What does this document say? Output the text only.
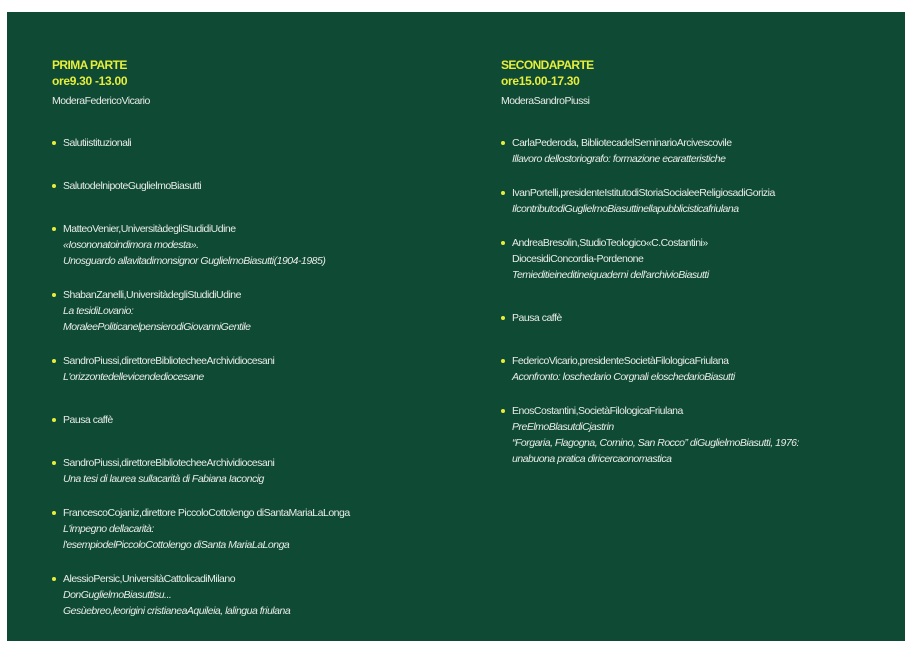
PRIMA PARTE
ore9.30 -13.00
ModeraFedericoVicario
Salutiistituzionali
SalutodelnipoteGuglielmoBiasutti
MatteoVenier,UniversitàdegliStudidiUdine
«Iosononatoindimora modesta».
Unosguardo allavitadimonsignor GuglielmoBiasutti(1904-1985)
ShabanZanelli,UniversitàdegliStudidiUdine
La tesidiLovanio:
MoraleePoliticanelpensierodiGiovanniGentile
SandroPiussi,direttoreBibliotecheeArchividiocesani
L'orizzontedellevicendediocesane
Pausa caffè
SandroPiussi,direttoreBibliotecheeArchividiocesani
Una tesi di laurea sullacarità di Fabiana Iaconcig
FrancescoCojaniz,direttore PiccoloCottolengo diSantaMariaLaLonga
L'impegno dellacarità:
l'esempiodelPiccoloCottolengo diSanta MariaLaLonga
AlessioPersic,UniversitàCattolicadiMilano
DonGuglielmoBiasuttisu...
Gesùebreo,leorigini cristianeaAquileia, lalingua friulana
SECONDAPARTE
ore15.00-17.30
ModeraSandroPiussi
CarlaPederoda, BibliotecadelSeminarioArcivescovile
Illavoro dellostoriografo: formazione ecaratteristiche
IvanPortelli,presidenteIstitutodiStoriaSocialeeReligiosadiGorizia
IlcontributodiGuglielmoBiasuttinellapubblicisticafriulana
AndreaBresolin,StudioTeologico«C.Costantini»
DiocesidiConcordia-Pordenone
Temieditieineditineiquaderni dell'archivioBiasutti
Pausa caffè
FedericoVicario,presidenteSocietàFilologicaFriulana
Aconfronto: loschedario Corgnali eloschedarioBiasutti
EnosCostantini,SocietàFilologicaFriulana
PreElmoBlasutdiCjastrin
“Forgaria, Flagogna, Cornino, San Rocco” diGuglielmoBiasutti, 1976:
unabuona pratica diricercaonomastica
